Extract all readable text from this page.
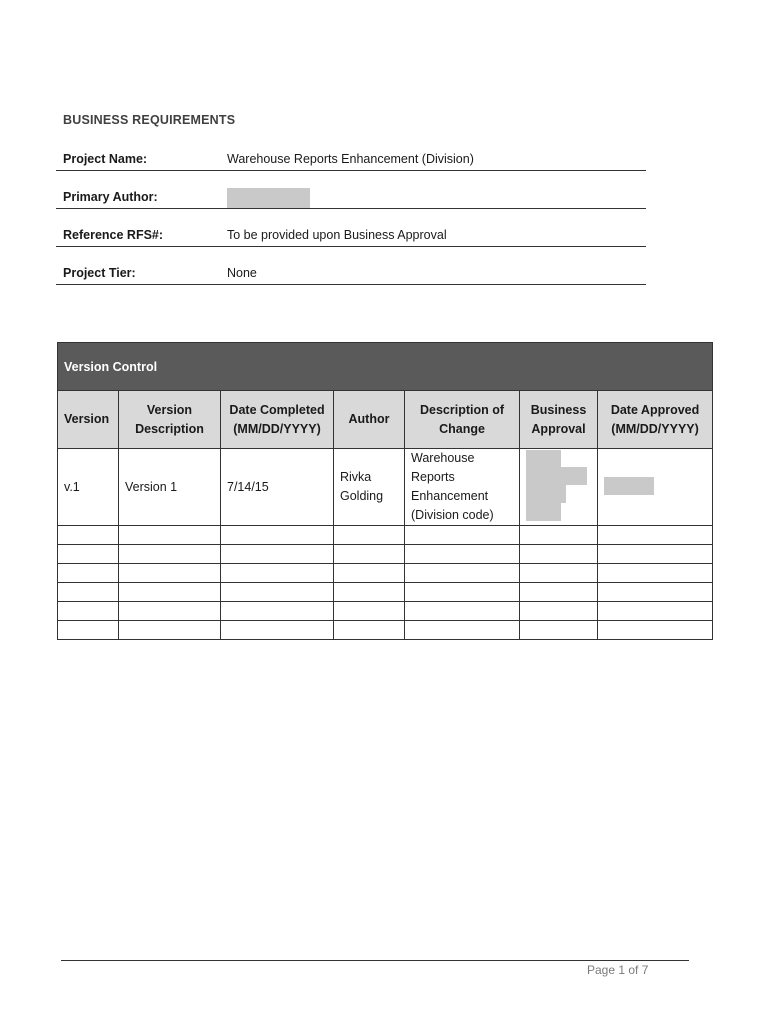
BUSINESS REQUIREMENTS
Project Name:	Warehouse Reports Enhancement (Division)
Primary Author:
Reference RFS#:	To be provided upon Business Approval
Project Tier:	None
Version Control						
Version	Version Description	Date Completed (MM/DD/YYYY)	Author	Description of Change	Business Approval	Date Approved (MM/DD/YYYY)
v.1	Version 1	7/14/15	Rivka Golding	Warehouse Reports Enhancement (Division code)	

Page 1 of 7
